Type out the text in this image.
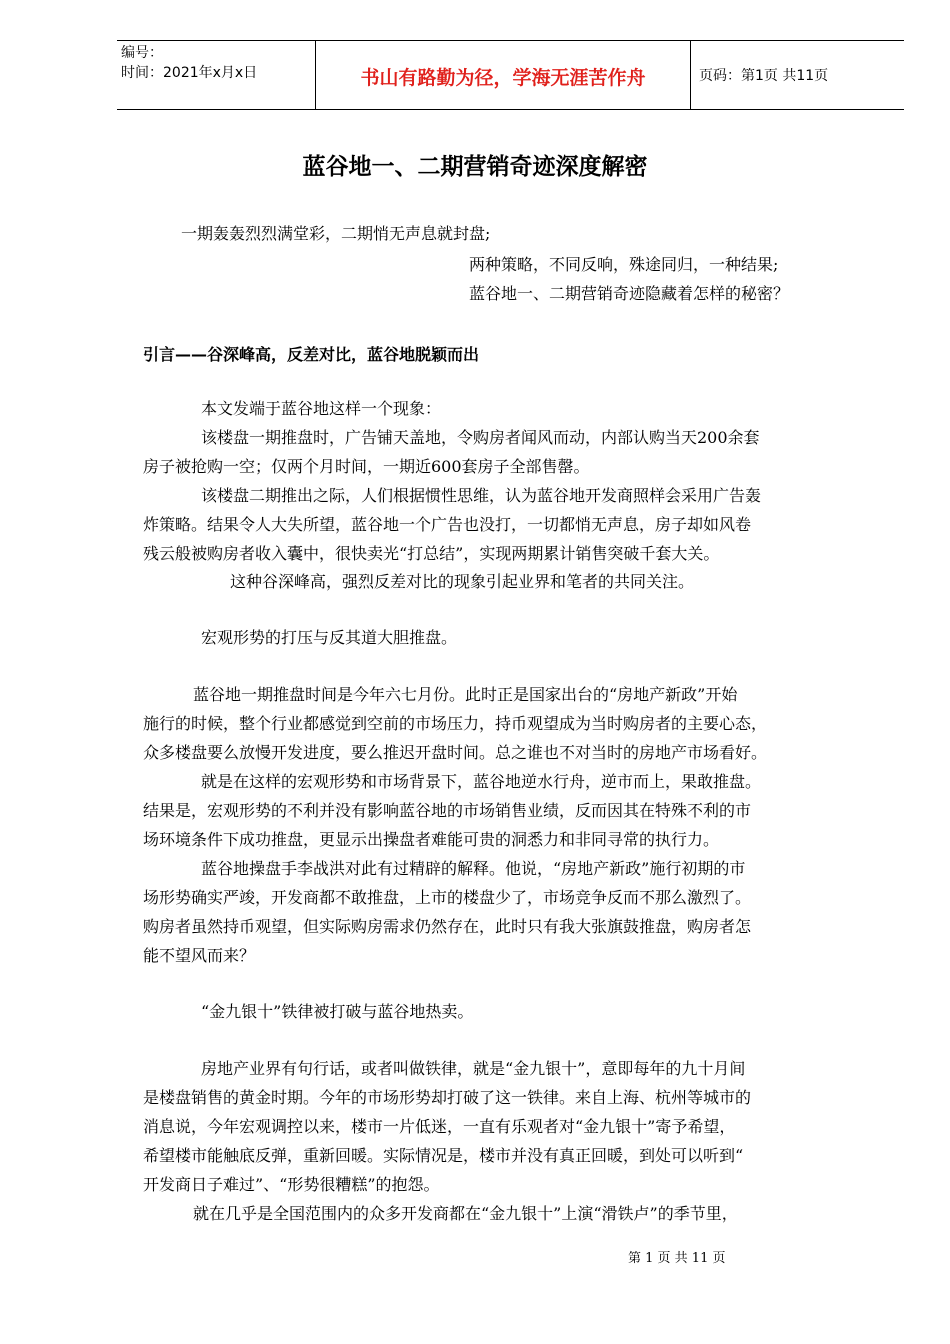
编号：
时间：2021年x月x日	书山有路勤为径，学海无涯苦作舟	页码：第1页 共11页
蓝谷地一、二期营销奇迹深度解密
一期轰轰烈烈满堂彩，二期悄无声息就封盘;
两种策略，不同反响，殊途同归，一种结果;
蓝谷地一、二期营销奇迹隐藏着怎样的秘密？
引言——谷深峰高，反差对比，蓝谷地脱颖而出
本文发端于蓝谷地这样一个现象：
该楼盘一期推盘时，广告铺天盖地，令购房者闻风而动，内部认购当天200余套
房子被抢购一空；仅两个月时间，一期近600套房子全部售罄。
该楼盘二期推出之际，人们根据惯性思维，认为蓝谷地开发商照样会采用广告轰
炸策略。结果令人大失所望，蓝谷地一个广告也没打，一切都悄无声息，房子却如风卷
残云般被购房者收入囊中，很快卖光“打总结”，实现两期累计销售突破千套大关。
这种谷深峰高，强烈反差对比的现象引起业界和笔者的共同关注。
宏观形势的打压与反其道大胆推盘。
蓝谷地一期推盘时间是今年六七月份。此时正是国家出台的“房地产新政”开始
施行的时候，整个行业都感觉到空前的市场压力，持币观望成为当时购房者的主要心态，
众多楼盘要么放慢开发进度，要么推迟开盘时间。总之谁也不对当时的房地产市场看好。
就是在这样的宏观形势和市场背景下，蓝谷地逆水行舟，逆市而上，果敢推盘。
结果是，宏观形势的不利并没有影响蓝谷地的市场销售业绩，反而因其在特殊不利的市
场环境条件下成功推盘，更显示出操盘者难能可贵的洞悉力和非同寻常的执行力。
蓝谷地操盘手李战洪对此有过精辟的解释。他说，“房地产新政”施行初期的市
场形势确实严竣，开发商都不敢推盘，上市的楼盘少了，市场竞争反而不那么激烈了。
购房者虽然持币观望，但实际购房需求仍然存在，此时只有我大张旗鼓推盘，购房者怎
能不望风而来？
“金九银十”铁律被打破与蓝谷地热卖。
房地产业界有句行话，或者叫做铁律，就是“金九银十”，意即每年的九十月间
是楼盘销售的黄金时期。今年的市场形势却打破了这一铁律。来自上海、杭州等城市的
消息说，今年宏观调控以来，楼市一片低迷，一直有乐观者对“金九银十”寄予希望，
希望楼市能触底反弹，重新回暖。实际情况是，楼市并没有真正回暖，到处可以听到“
开发商日子难过”、“形势很糟糕”的抱怨。
就在几乎是全国范围内的众多开发商都在“金九银十”上演“滑铁卢”的季节里，
第 1 页 共 11 页
